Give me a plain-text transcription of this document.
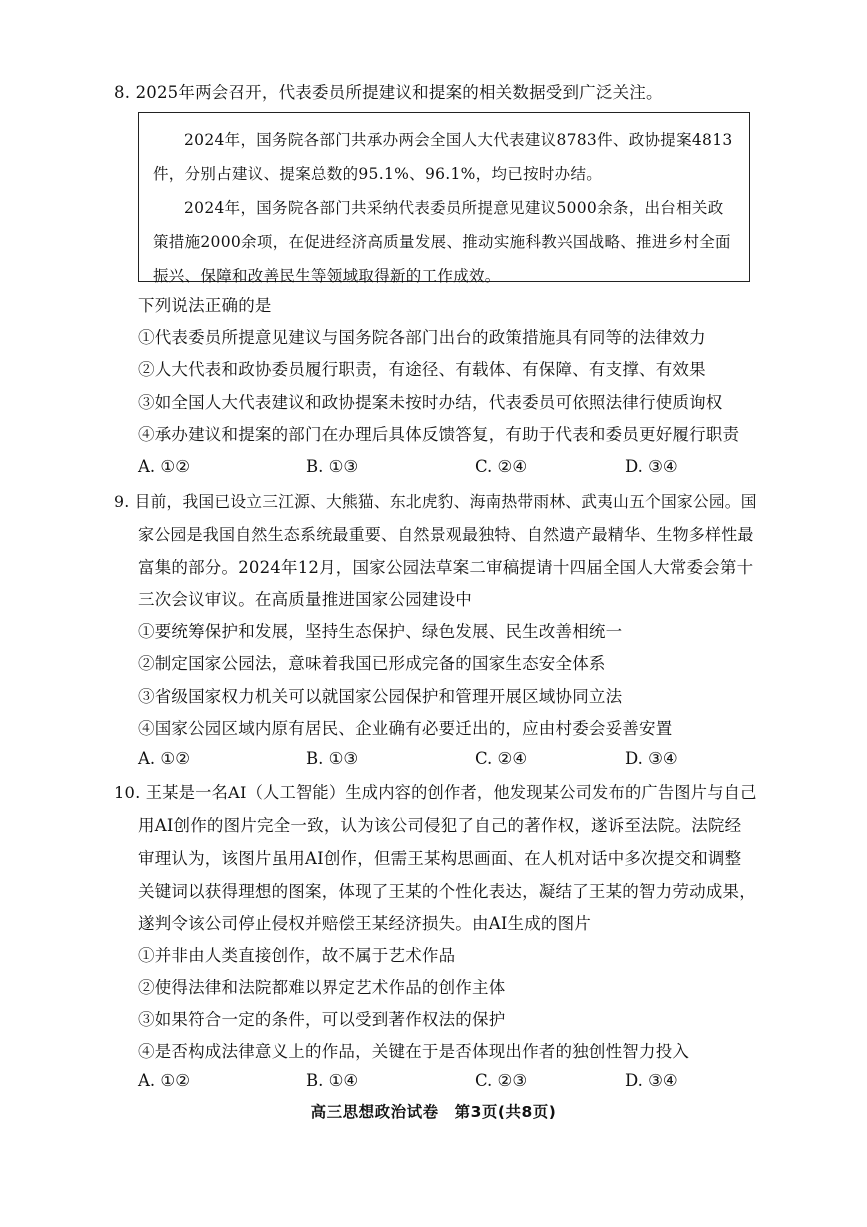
8. 2025年两会召开，代表委员所提建议和提案的相关数据受到广泛关注。

2024年，国务院各部门共承办两会全国人大代表建议8783件、政协提案4813件，分别占建议、提案总数的95.1%、96.1%，均已按时办结。

2024年，国务院各部门共采纳代表委员所提意见建议5000余条，出台相关政策措施2000余项，在促进经济高质量发展、推动实施科教兴国战略、推进乡村全面振兴、保障和改善民生等领域取得新的工作成效。

下列说法正确的是
①代表委员所提意见建议与国务院各部门出台的政策措施具有同等的法律效力
②人大代表和政协委员履行职责，有途径、有载体、有保障、有支撑、有效果
③如全国人大代表建议和政协提案未按时办结，代表委员可依照法律行使质询权
④承办建议和提案的部门在办理后具体反馈答复，有助于代表和委员更好履行职责
A. ①②	B. ①③	C. ②④	D. ③④
9. 目前，我国已设立三江源、大熊猫、东北虎豹、海南热带雨林、武夷山五个国家公园。国
家公园是我国自然生态系统最重要、自然景观最独特、自然遗产最精华、生物多样性最
富集的部分。2024年12月，国家公园法草案二审稿提请十四届全国人大常委会第十
三次会议审议。在高质量推进国家公园建设中
①要统筹保护和发展，坚持生态保护、绿色发展、民生改善相统一
②制定国家公园法，意味着我国已形成完备的国家生态安全体系
③省级国家权力机关可以就国家公园保护和管理开展区域协同立法
④国家公园区域内原有居民、企业确有必要迁出的，应由村委会妥善安置
A. ①②	B. ①③	C. ②④	D. ③④
10. 王某是一名AI（人工智能）生成内容的创作者，他发现某公司发布的广告图片与自己
用AI创作的图片完全一致，认为该公司侵犯了自己的著作权，遂诉至法院。法院经
审理认为，该图片虽用AI创作，但需王某构思画面、在人机对话中多次提交和调整
关键词以获得理想的图案，体现了王某的个性化表达，凝结了王某的智力劳动成果，
遂判令该公司停止侵权并赔偿王某经济损失。由AI生成的图片
①并非由人类直接创作，故不属于艺术作品
②使得法律和法院都难以界定艺术作品的创作主体
③如果符合一定的条件，可以受到著作权法的保护
④是否构成法律意义上的作品，关键在于是否体现出作者的独创性智力投入
A. ①②	B. ①④	C. ②③	D. ③④
高三思想政治试卷　第3页(共8页)
